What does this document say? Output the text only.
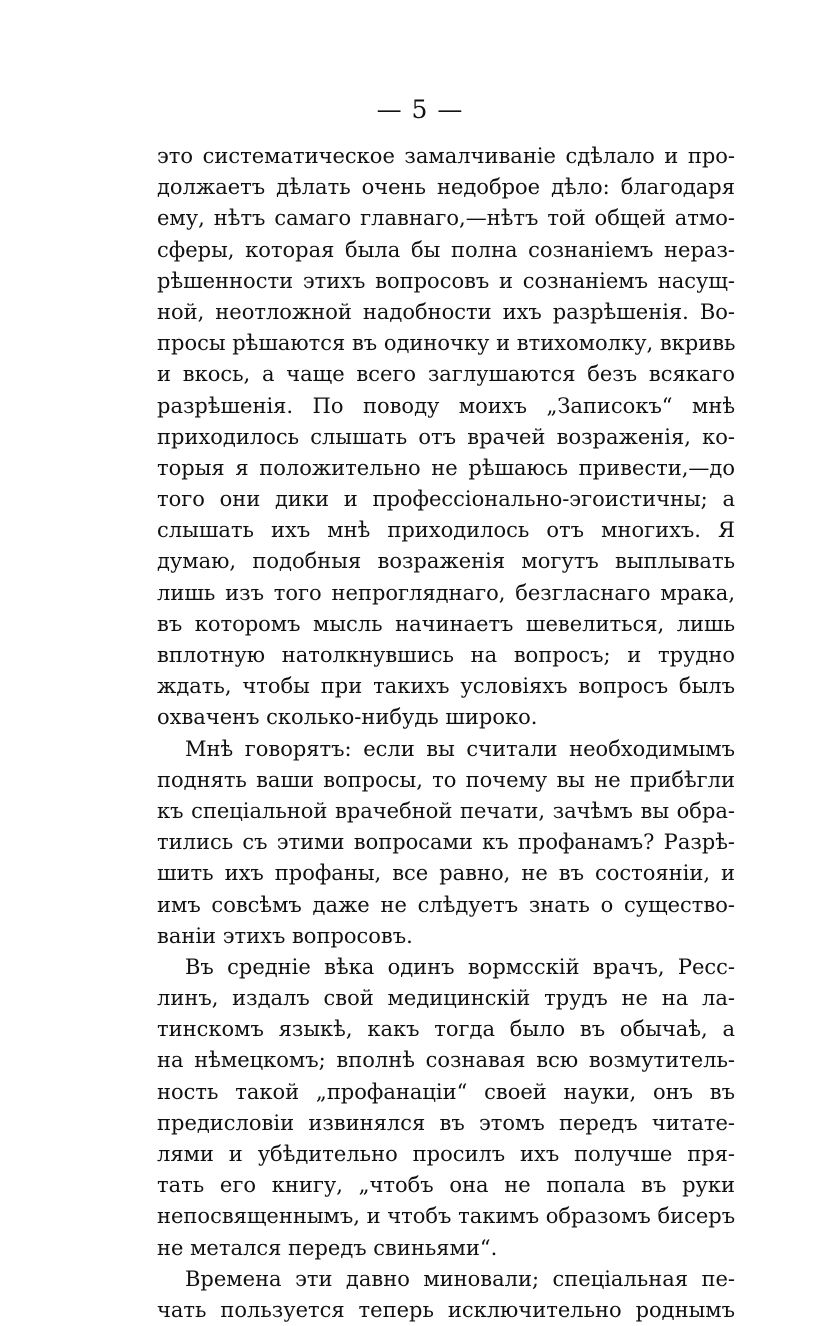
— 5 —
это систематическое замалчиваніе сдѣлало и про-
должаетъ дѣлать очень недоброе дѣло: благодаря
ему, нѣтъ самаго главнаго,—нѣтъ той общей атмо-
сферы, которая была бы полна сознаніемъ нераз-
рѣшенности этихъ вопросовъ и сознаніемъ насущ-
ной, неотложной надобности ихъ разрѣшенія. Во-
просы рѣшаются въ одиночку и втихомолку, вкривь
и вкось, а чаще всего заглушаются безъ всякаго
разрѣшенія. По поводу моихъ „Записокъ“ мнѣ
приходилось слышать отъ врачей возраженія, ко-
торыя я положительно не рѣшаюсь привести,—до
того они дики и профессіонально-эгоистичны; а
слышать ихъ мнѣ приходилось отъ многихъ. Я
думаю, подобныя возраженія могутъ выплывать
лишь изъ того непрогляднаго, безгласнаго мрака,
въ которомъ мысль начинаетъ шевелиться, лишь
вплотную натолкнувшись на вопросъ; и трудно
ждать, чтобы при такихъ условіяхъ вопросъ былъ
охваченъ сколько-нибудь широко.
Мнѣ говорятъ: если вы считали необходимымъ
поднять ваши вопросы, то почему вы не прибѣгли
къ спеціальной врачебной печати, зачѣмъ вы обра-
тились съ этими вопросами къ профанамъ? Разрѣ-
шить ихъ профаны, все равно, не въ состояніи, и
имъ совсѣмъ даже не слѣдуетъ знать о существо-
ваніи этихъ вопросовъ.
Въ средніе вѣка одинъ вормсскій врачъ, Ресс-
линъ, издалъ свой медицинскій трудъ не на ла-
тинскомъ языкѣ, какъ тогда было въ обычаѣ, а
на нѣмецкомъ; вполнѣ сознавая всю возмутитель-
ность такой „профанаціи“ своей науки, онъ въ
предисловіи извинялся въ этомъ передъ читате-
лями и убѣдительно просилъ ихъ получше пря-
тать его книгу, „чтобъ она не попала въ руки
непосвященнымъ, и чтобъ такимъ образомъ бисеръ
не метался передъ свиньями“.
Времена эти давно миновали; спеціальная пе-
чать пользуется теперь исключительно роднымъ
